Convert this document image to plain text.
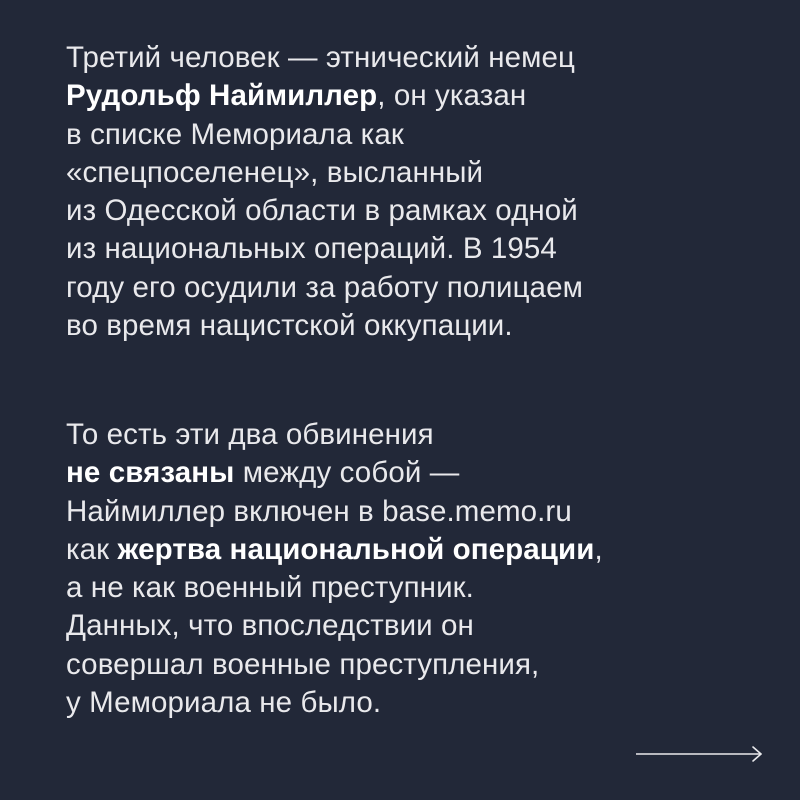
Третий человек — этнический немец
Рудольф Наймиллер, он указан
в списке Мемориала как
«спецпоселенец», высланный
из Одесской области в рамках одной
из национальных операций. В 1954
году его осудили за работу полицаем
во время нацистской оккупации.
То есть эти два обвинения
не связаны между собой —
Наймиллер включен в base.memo.ru
как жертва национальной операции,
а не как военный преступник.
Данных, что впоследствии он
совершал военные преступления,
у Мемориала не было.
